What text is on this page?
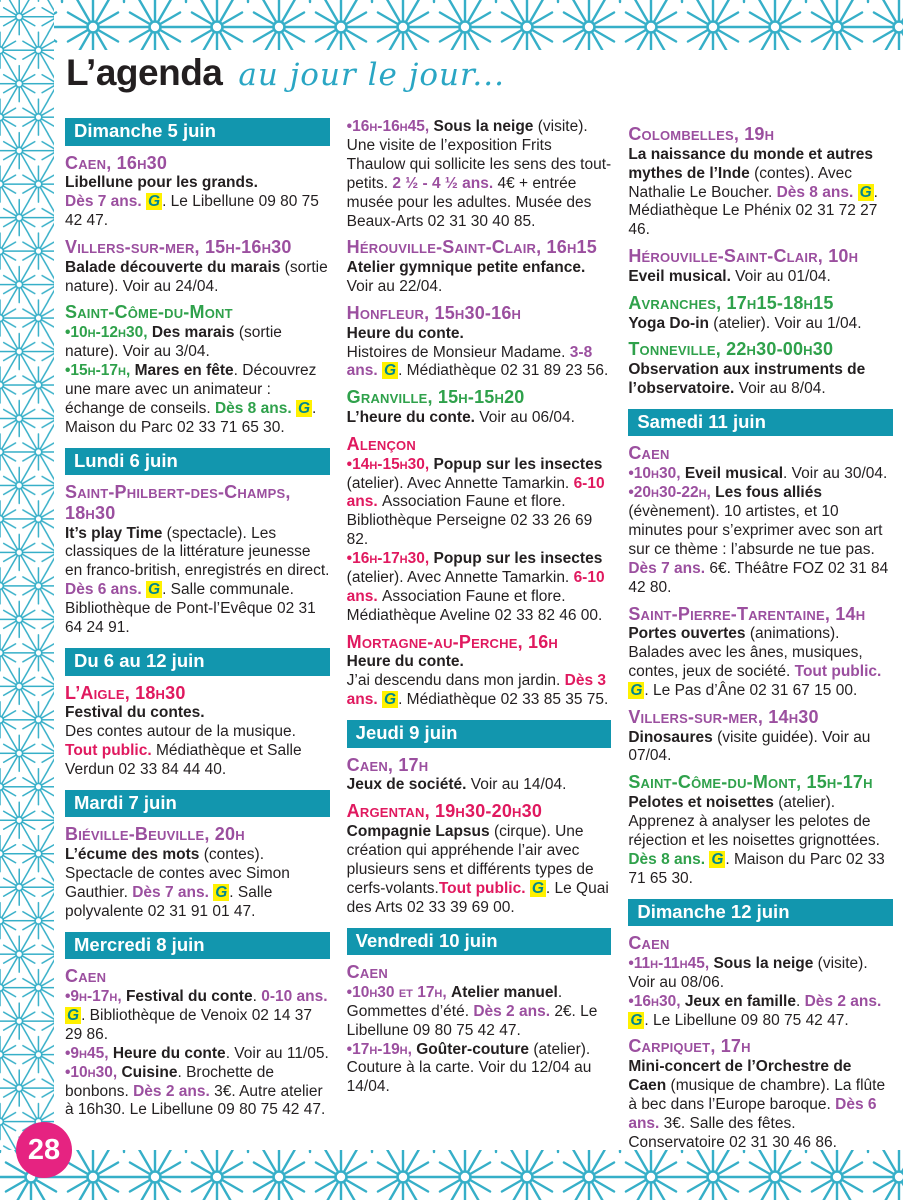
L’agenda au jour le jour...
Dimanche 5 juin
Caen, 16h30

Libellune pour les grands.

Dès 7 ans. G . Le Libellune 09 80 75 42 47.

Villers-sur-mer, 15h-16h30

Balade découverte du marais (sortie nature). Voir au 24/04.

Saint-Côme-du-Mont

•10h-12h30, Des marais (sortie nature). Voir au 3/04.

•15h-17h, Mares en fête. Découvrez une mare avec un animateur : échange de conseils. Dès 8 ans. G . Maison du Parc 02 33 71 65 30.

Lundi 6 juin
Saint-Philbert-des-Champs, 18h30

It’s play Time (spectacle). Les classiques de la littérature jeunesse en franco-british, enregistrés en direct. Dès 6 ans. G . Salle communale. Bibliothèque de Pont-l’Evêque 02 31 64 24 91.

Du 6 au 12 juin
L’Aigle, 18h30

Festival du contes.

Des contes autour de la musique. Tout public. Médiathèque et Salle Verdun 02 33 84 44 40.

Mardi 7 juin
Biéville-Beuville, 20h

L’écume des mots (contes). Spectacle de contes avec Simon Gauthier. Dès 7 ans. G . Salle polyvalente 02 31 91 01 47.

Mercredi 8 juin
Caen

•9h-17h, Festival du conte. 0-10 ans. G . Bibliothèque de Venoix 02 14 37 29 86.

•9h45, Heure du conte. Voir au 11/05.

•10h30, Cuisine. Brochette de bonbons. Dès 2 ans. 3€. Autre atelier à 16h30. Le Libellune 09 80 75 42 47.

•16h-16h45, Sous la neige (visite). Une visite de l’exposition Frits Thaulow qui sollicite les sens des tout-petits. 2 ½ - 4 ½ ans. 4€ + entrée musée pour les adultes. Musée des Beaux-Arts 02 31 30 40 85.

Hérouville-Saint-Clair, 16h15

Atelier gymnique petite enfance. Voir au 22/04.

Honfleur, 15h30-16h

Heure du conte.

Histoires de Monsieur Madame. 3-8 ans. G . Médiathèque 02 31 89 23 56.

Granville, 15h-15h20

L’heure du conte. Voir au 06/04.

Alençon

•14h-15h30, Popup sur les insectes (atelier). Avec Annette Tamarkin. 6-10 ans. Association Faune et flore. Bibliothèque Perseigne 02 33 26 69 82.

•16h-17h30, Popup sur les insectes (atelier). Avec Annette Tamarkin. 6-10 ans. Association Faune et flore. Médiathèque Aveline 02 33 82 46 00.

Mortagne-au-Perche, 16h

Heure du conte.

J’ai descendu dans mon jardin. Dès 3 ans. G . Médiathèque 02 33 85 35 75.

Jeudi 9 juin
Caen, 17h

Jeux de société. Voir au 14/04.

Argentan, 19h30-20h30

Compagnie Lapsus (cirque). Une création qui appréhende l’air avec plusieurs sens et différents types de cerfs-volants.Tout public. G . Le Quai des Arts 02 33 39 69 00.

Vendredi 10 juin
Caen

•10h30 et 17h, Atelier manuel. Gommettes d’été. Dès 2 ans. 2€. Le Libellune 09 80 75 42 47.

•17h-19h, Goûter-couture (atelier). Couture à la carte. Voir du 12/04 au 14/04.

Colombelles, 19h

La naissance du monde et autres mythes de l’Inde (contes). Avec Nathalie Le Boucher. Dès 8 ans. G . Médiathèque Le Phénix 02 31 72 27 46.

Hérouville-Saint-Clair, 10h

Eveil musical. Voir au 01/04.

Avranches, 17h15-18h15

Yoga Do-in (atelier). Voir au 1/04.

Tonneville, 22h30-00h30

Observation aux instruments de l’observatoire. Voir au 8/04.

Samedi 11 juin
Caen

•10h30, Eveil musical. Voir au 30/04.

•20h30-22h, Les fous alliés (évènement). 10 artistes, et 10 minutes pour s’exprimer avec son art sur ce thème : l’absurde ne tue pas. Dès 7 ans. 6€. Théâtre FOZ 02 31 84 42 80.

Saint-Pierre-Tarentaine, 14h

Portes ouvertes (animations). Balades avec les ânes, musiques, contes, jeux de société. Tout public. G . Le Pas d’Âne 02 31 67 15 00.

Villers-sur-mer, 14h30

Dinosaures (visite guidée). Voir au 07/04.

Saint-Côme-du-Mont, 15h-17h

Pelotes et noisettes (atelier). Apprenez à analyser les pelotes de réjection et les noisettes grignottées. Dès 8 ans. G . Maison du Parc 02 33 71 65 30.

Dimanche 12 juin
Caen

•11h-11h45, Sous la neige (visite). Voir au 08/06.

•16h30, Jeux en famille. Dès 2 ans. G . Le Libellune 09 80 75 42 47.

Carpiquet, 17h

Mini-concert de l’Orchestre de Caen (musique de chambre). La flûte à bec dans l’Europe baroque. Dès 6 ans. 3€. Salle des fêtes. Conservatoire 02 31 30 46 86.

28
